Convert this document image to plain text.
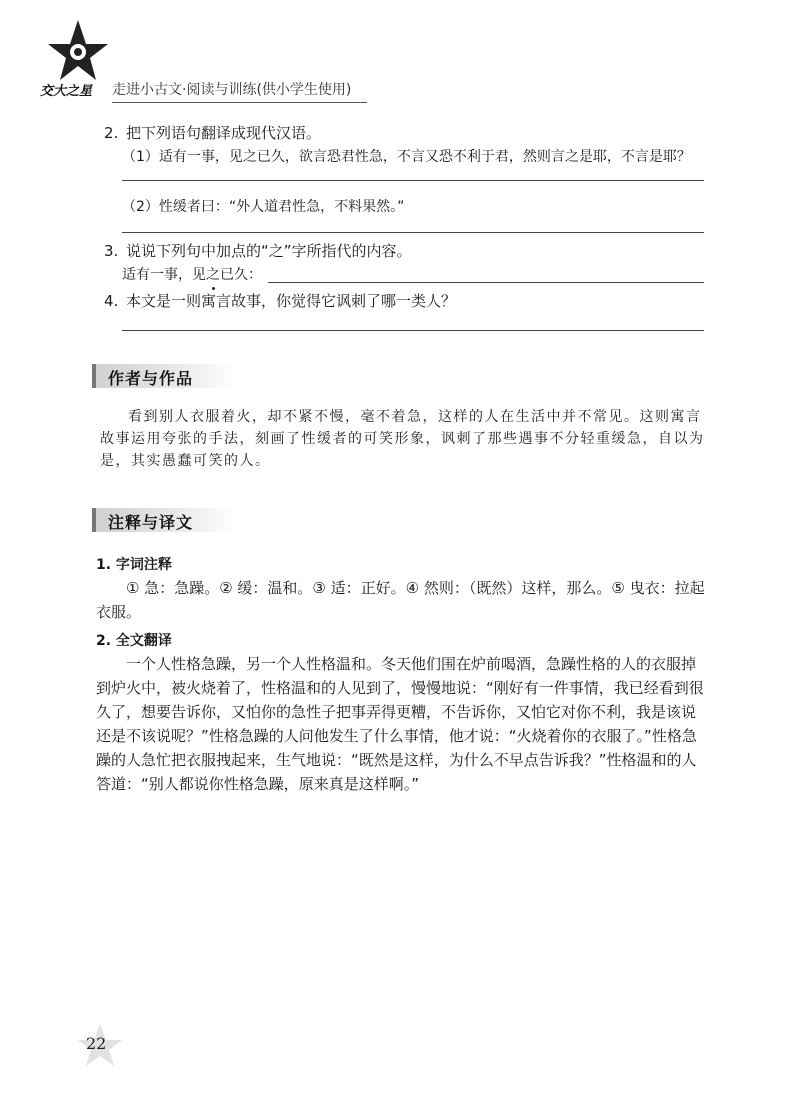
交大之星 走进小古文·阅读与训练(供小学生使用)
2. 把下列语句翻译成现代汉语。
（1）适有一事，见之已久，欲言恐君性急，不言又恐不利于君，然则言之是耶，不言是耶？
（2）性缓者曰：“外人道君性急，不料果然。”
3. 说说下列句中加点的“之”字所指代的内容。
适有一事，见之已久：
4. 本文是一则寓言故事，你觉得它讽刺了哪一类人？
作者与作品
看到别人衣服着火，却不紧不慢，毫不着急，这样的人在生活中并不常见。这则寓言故事运用夸张的手法，刻画了性缓者的可笑形象，讽刺了那些遇事不分轻重缓急，自以为是，其实愚蠢可笑的人。
注释与译文
1. 字词注释
① 急：急躁。② 缓：温和。③ 适：正好。④ 然则：（既然）这样，那么。⑤ 曳衣：拉起衣服。
2. 全文翻译
一个人性格急躁，另一个人性格温和。冬天他们围在炉前喝酒，急躁性格的人的衣服掉到炉火中，被火烧着了，性格温和的人见到了，慢慢地说：“刚好有一件事情，我已经看到很久了，想要告诉你，又怕你的急性子把事弄得更糟，不告诉你，又怕它对你不利，我是该说还是不该说呢？”性格急躁的人问他发生了什么事情，他才说：“火烧着你的衣服了。”性格急躁的人急忙把衣服拽起来，生气地说：“既然是这样，为什么不早点告诉我？”性格温和的人答道：“别人都说你性格急躁，原来真是这样啊。”
22
